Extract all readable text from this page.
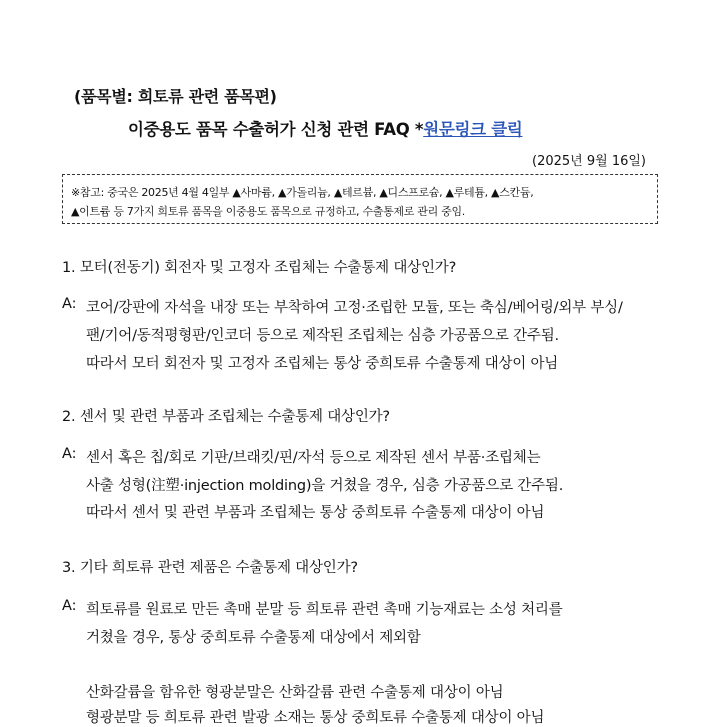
(품목별: 희토류 관련 품목편)
이중용도 품목 수출허가 신청 관련 FAQ *원문링크 클릭
(2025년 9월 16일)
※참고: 중국은 2025년 4월 4일부 ▲사마륨, ▲가돌리늄, ▲테르븀, ▲디스프로슘, ▲루테튬, ▲스칸듐,
▲이트륨 등 7가지 희토류 품목을 이중용도 품목으로 규정하고, 수출통제로 관리 중임.
1. 모터(전동기) 회전자 및 고정자 조립체는 수출통제 대상인가?
A: 코어/강판에 자석을 내장 또는 부착하여 고정·조립한 모듈, 또는 축심/베어링/외부 부싱/
팬/기어/동적평형판/인코더 등으로 제작된 조립체는 심층 가공품으로 간주됨.
따라서 모터 회전자 및 고정자 조립체는 통상 중희토류 수출통제 대상이 아님
2. 센서 및 관련 부품과 조립체는 수출통제 대상인가?
A: 센서 혹은 칩/회로 기판/브래킷/핀/자석 등으로 제작된 센서 부품·조립체는
사출 성형(注塑·injection molding)을 거쳤을 경우, 심층 가공품으로 간주됨.
따라서 센서 및 관련 부품과 조립체는 통상 중희토류 수출통제 대상이 아님
3. 기타 희토류 관련 제품은 수출통제 대상인가?
A: 희토류를 원료로 만든 촉매 분말 등 희토류 관련 촉매 기능재료는 소성 처리를
거쳤을 경우, 통상 중희토류 수출통제 대상에서 제외함
산화갈륨을 함유한 형광분말은 산화갈륨 관련 수출통제 대상이 아님
형광분말 등 희토류 관련 발광 소재는 통상 중희토류 수출통제 대상이 아님
